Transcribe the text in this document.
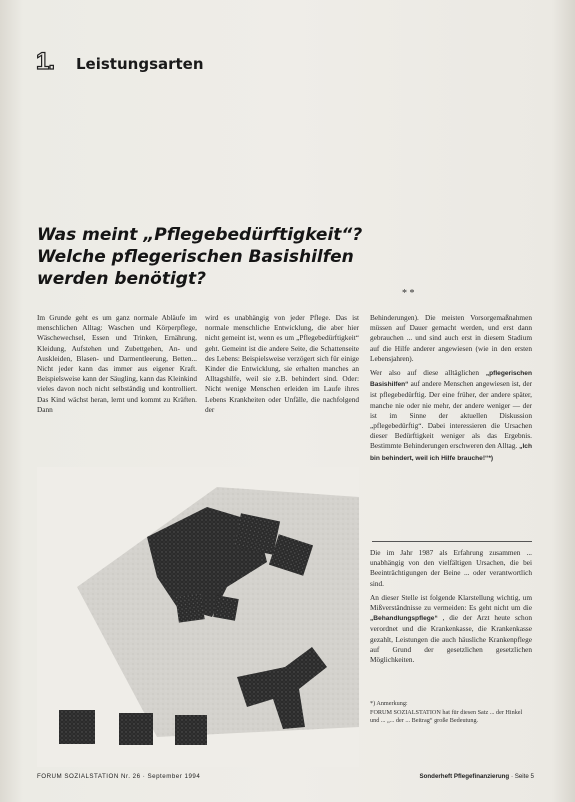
1. Leistungsarten
Was meint „Pflegebedürftigkeit“?
Welche pflegerischen Basishilfen
werden benötigt?
* *

Im Grunde geht es um ganz normale Abläufe im menschlichen Alltag: Waschen und Körperpflege, Wäschewechsel, Essen und Trinken, Ernährung, Kleidung, Aufstehen und Zubettgehen, An- und Auskleiden, Blasen- und Darmentleerung, Betten... Nicht jeder kann das immer aus eigener Kraft. Beispielsweise kann der Säugling, kann das Kleinkind vieles davon noch nicht selbständig und kontrolliert. Das Kind wächst heran, lernt und kommt zu Kräften. Dann

wird es unabhängig von jeder Pflege. Das ist normale menschliche Entwicklung, die aber hier nicht gemeint ist, wenn es um „Pflegebedürftigkeit“ geht. Gemeint ist die andere Seite, die Schattenseite des Lebens: Beispielsweise verzögert sich für einige Kinder die Entwicklung, sie erhalten manches an Alltagshilfe, weil sie z.B. behindert sind. Oder: Nicht wenige Menschen erleiden im Laufe ihres Lebens Krankheiten oder Unfälle, die nachfolgend der

Behinderungen). Die meisten Vorsorgemaßnahmen müssen auf Dauer gemacht werden, und erst dann gebrauchen ... und sind auch erst in diesem Stadium auf die Hilfe anderer angewiesen (wie in den ersten Lebensjahren).

Wer also auf diese alltäglichen „pflegerischen Basishilfen“ auf andere Menschen angewiesen ist, der ist pflegebedürftig. Der eine früher, der andere später, manche nie oder nie mehr, der andere weniger — der ist im Sinne der aktuellen Diskussion „pflegebedürftig“. Dabei interessieren die Ursachen dieser Bedürftigkeit weniger als das Ergebnis. Bestimmte Behinderungen erschweren den Alltag. „Ich bin behindert, weil ich Hilfe brauche!“*)

Die im Jahr 1987 als Erfahrung zusammen ... unabhängig von den vielfältigen Ursachen, die bei Beeinträchtigungen der Beine ... oder verantwortlich sind.

An dieser Stelle ist folgende Klarstellung wichtig, um Mißverständnisse zu vermeiden: Es geht nicht um die „Behandlungspflege“ , die der Arzt heute schon verordnet und die Krankenkasse, die Krankenkasse gezahlt, Leistungen die auch häusliche Krankenpflege auf Grund der gesetzlichen gesetzlichen Möglichkeiten.

*) Anmerkung:
FORUM SOZIALSTATION hat für diesen Satz ... der Hinkel und ... „... der ... Beitrag“ große Bedeutung.
FORUM SOZIALSTATION Nr. 26 · September 1994	Sonderheft Pflegefinanzierung · Seite 5
